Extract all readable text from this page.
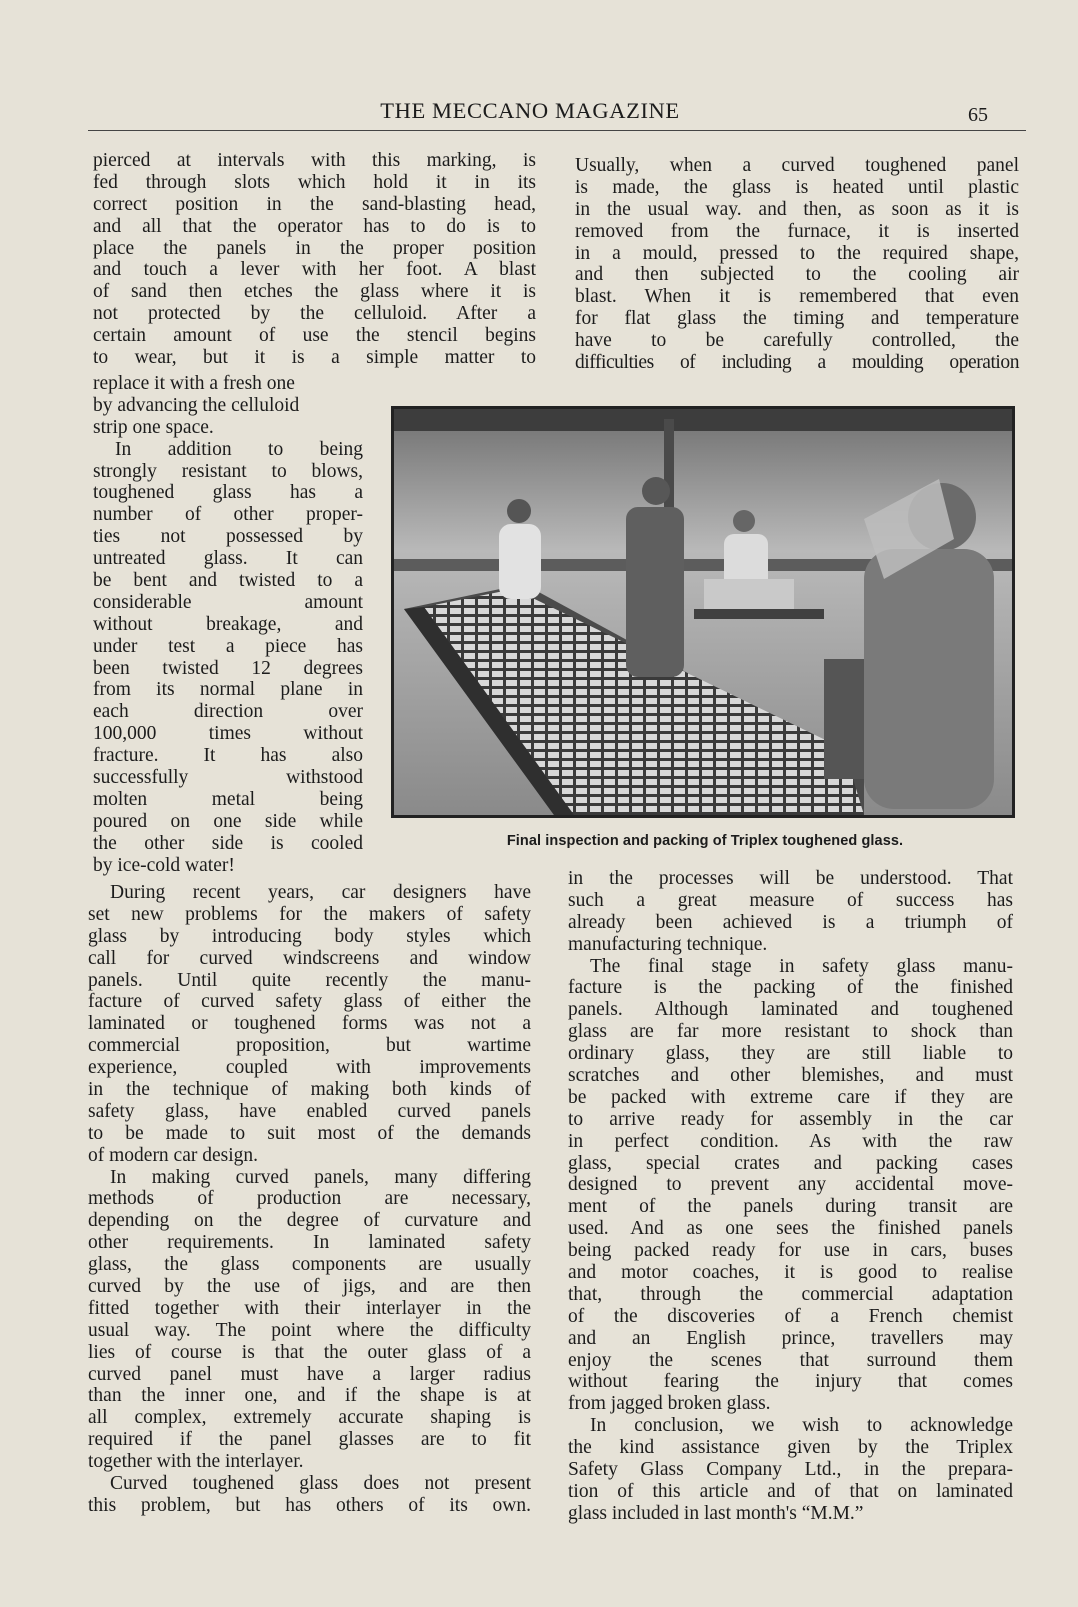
THE MECCANO MAGAZINE	65
pierced at intervals with this marking, is
fed through slots which hold it in its
correct position in the sand-blasting head,
and all that the operator has to do is to
place the panels in the proper position
and touch a lever with her foot. A blast
of sand then etches the glass where it is
not protected by the celluloid. After a
certain amount of use the stencil begins
to wear, but it is a simple matter to
replace it with a fresh one
by advancing the celluloid
strip one space.
In addition to being
strongly resistant to blows,
toughened glass has a
number of other proper-
ties not possessed by
untreated glass. It can
be bent and twisted to a
considerable amount
without breakage, and
under test a piece has
been twisted 12 degrees
from its normal plane in
each direction over
100,000 times without
fracture. It has also
successfully withstood
molten metal being
poured on one side while
the other side is cooled
by ice-cold water!
During recent years, car designers have
set new problems for the makers of safety
glass by introducing body styles which
call for curved windscreens and window
panels. Until quite recently the manu-
facture of curved safety glass of either the
laminated or toughened forms was not a
commercial proposition, but wartime
experience, coupled with improvements
in the technique of making both kinds of
safety glass, have enabled curved panels
to be made to suit most of the demands
of modern car design.
In making curved panels, many differing
methods of production are necessary,
depending on the degree of curvature and
other requirements. In laminated safety
glass, the glass components are usually
curved by the use of jigs, and are then
fitted together with their interlayer in the
usual way. The point where the difficulty
lies of course is that the outer glass of a
curved panel must have a larger radius
than the inner one, and if the shape is at
all complex, extremely accurate shaping is
required if the panel glasses are to fit
together with the interlayer.
Curved toughened glass does not present
this problem, but has others of its own.
Usually, when a curved toughened panel
is made, the glass is heated until plastic
in the usual way. and then, as soon as it is
removed from the furnace, it is inserted
in a mould, pressed to the required shape,
and then subjected to the cooling air
blast. When it is remembered that even
for flat glass the timing and temperature
have to be carefully controlled, the
difficulties of including a moulding operation
Final inspection and packing of Triplex toughened glass.
in the processes will be understood. That
such a great measure of success has
already been achieved is a triumph of
manufacturing technique.
The final stage in safety glass manu-
facture is the packing of the finished
panels. Although laminated and toughened
glass are far more resistant to shock than
ordinary glass, they are still liable to
scratches and other blemishes, and must
be packed with extreme care if they are
to arrive ready for assembly in the car
in perfect condition. As with the raw
glass, special crates and packing cases
designed to prevent any accidental move-
ment of the panels during transit are
used. And as one sees the finished panels
being packed ready for use in cars, buses
and motor coaches, it is good to realise
that, through the commercial adaptation
of the discoveries of a French chemist
and an English prince, travellers may
enjoy the scenes that surround them
without fearing the injury that comes
from jagged broken glass.
In conclusion, we wish to acknowledge
the kind assistance given by the Triplex
Safety Glass Company Ltd., in the prepara-
tion of this article and of that on laminated
glass included in last month's “M.M.”
